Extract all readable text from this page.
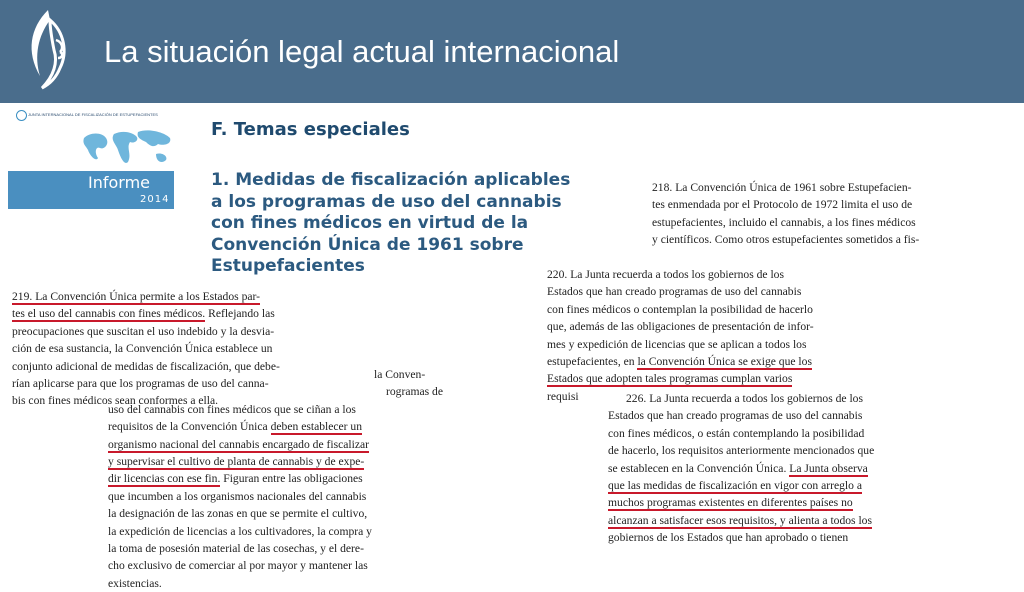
La situación legal actual internacional
JUNTA INTERNACIONAL DE FISCALIZACIÓN DE ESTUPEFACIENTES
Informe
2014
F. Temas especiales
1. Medidas de fiscalización aplicables
a los programas de uso del cannabis
con fines médicos en virtud de la
Convención Única de 1961 sobre
Estupefacientes
218. La Convención Única de 1961 sobre Estupefacien-
tes enmendada por el Protocolo de 1972 limita el uso de
estupefacientes, incluido el cannabis, a los fines médicos
y científicos. Como otros estupefacientes sometidos a fis-
la Conven-
rogramas de
uso del cannabis con fines médicos que se ciñan a los
requisitos de la Convención Única deben establecer un
organismo nacional del cannabis encargado de fiscalizar
y supervisar el cultivo de planta de cannabis y de expe-
dir licencias con ese fin. Figuran entre las obligaciones
que incumben a los organismos nacionales del cannabis
la designación de las zonas en que se permite el cultivo,
la expedición de licencias a los cultivadores, la compra y
la toma de posesión material de las cosechas, y el dere-
cho exclusivo de comerciar al por mayor y mantener las
existencias.
219. La Convención Única permite a los Estados par-
tes el uso del cannabis con fines médicos. Reflejando las
preocupaciones que suscitan el uso indebido y la desvia-
ción de esa sustancia, la Convención Única establece un
conjunto adicional de medidas de fiscalización, que debe-
rían aplicarse para que los programas de uso del canna-
bis con fines médicos sean conformes a ella.
220. La Junta recuerda a todos los gobiernos de los
Estados que han creado programas de uso del cannabis
con fines médicos o contemplan la posibilidad de hacerlo
que, además de las obligaciones de presentación de infor-
mes y expedición de licencias que se aplican a todos los
estupefacientes, en la Convención Única se exige que los
Estados que adopten tales programas cumplan varios
requisi	226. La Junta recuerda a todos los gobiernos de los
Estados que han creado programas de uso del cannabis
con fines médicos, o están contemplando la posibilidad
de hacerlo, los requisitos anteriormente mencionados que
se establecen en la Convención Única. La Junta observa
que las medidas de fiscalización en vigor con arreglo a
muchos programas existentes en diferentes países no
alcanzan a satisfacer esos requisitos, y alienta a todos los
gobiernos de los Estados que han aprobado o tienen
